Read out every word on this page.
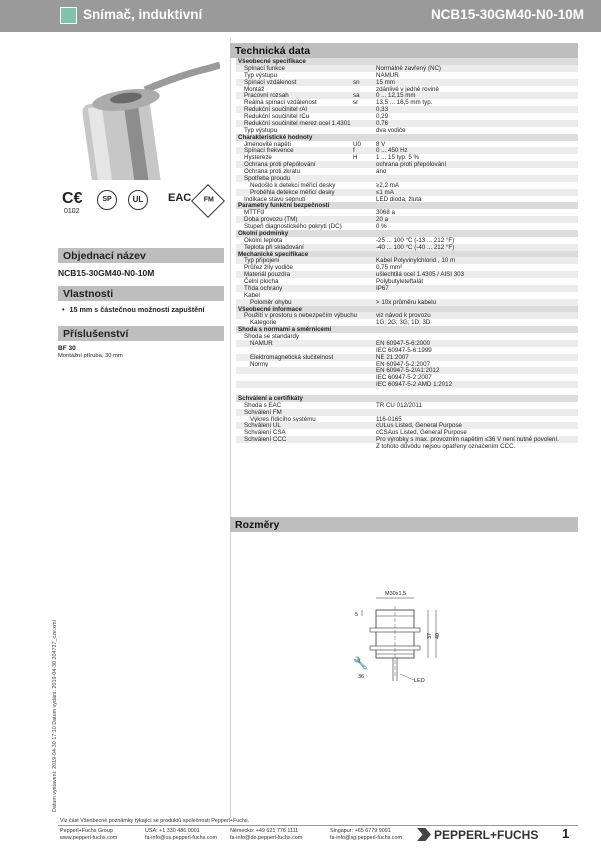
Snímač, induktivní	NCB15-30GM40-N0-10M
C€
0102
SP	UL	EAC	FM
Objednací název
NCB15-30GM40-N0-10M
Vlastnosti
• 15 mm s částečnou možností zapuštění
Příslušenství
BF 30
Montážní příruba, 30 mm
Technická data
Všeobecné specifikace
Spínací funkce	Normálně zavřený (NC)
Typ výstupu	NAMUR
Spínací vzdálenost	sn	15 mm
Montáž	zdánlivé v jedné rovině
Pracovní rozsah	sa	0 ... 12,15 mm
Reálná spínací vzdálenost	sr	13,5 ... 16,5 mm typ.
Redukční součinitel rAl	0,33
Redukční součinitel rCu	0,29
Redukční součinitel rnerez ocel 1.4301	0,76
Typ výstupu	dva vodiče
Charakteristické hodnoty
Jmenovité napětí	U0 8 V
Spínací frekvence	f	0 ... 450 Hz
Hystereze	H	1 ... 15 typ. 5 %
Ochrana proti přepólování	ochrana proti přepólování
Ochrana proti zkratu	ano
Spotřeba proudu
Nedošlo k detekci měřicí desky	≥2,2 mA
Proběhla detekce měřicí desky	≤1 mA
Indikace stavu sepnutí	LED dioda, žlutá
Parametry funkční bezpečnosti
MTTFd	3068 a
Doba provozu (TM)	20 a
Stupeň diagnostického pokrytí (DC)	0 %
Okolní podmínky
Okolní teplota	-25 ... 100 °C (-13 ... 212 °F)
Teplota při skladování	-40 ... 100 °C (-40 ... 212 °F)
Mechanické specifikace
Typ připojení	Kabel Polyvinylchlorid , 10 m
Průřez žíly vodiče	0,75 mm²
Materiál pouzdra	ušlechtilá ocel 1.4305 / AISI 303
Čelní plocha	Polybutyleteftalát
Třída ochrany	IP67
Kabel
Poloměr ohybu	> 10x průměru kabelu
Všeobecné informace
Použití v prostoru s nebezpečím výbuchu	viz návod k provozu
Kategorie	1G; 2G; 3G; 1D; 3D
Shoda s normami a směrnicemi
Shoda se standardy
NAMUR	EN 60947-5-6:2000
IEC 60947-5-6:1999
Elektromagnetická slučitelnost	NE 21:2007
Normy	EN 60947-5-2:2007
EN 60947-5-2/A1:2012
IEC 60947-5-2:2007
IEC 60947-5-2 AMD 1:2012
Schválení a certifikáty
Shoda s EAC	TR CU 012/2011
Schválení FM
Výkres řídicího systému	116-0165
Schválení UL	cULus Listed, General Purpose
Schválení CSA	cCSAus Listed, General Purpose
Schválení CCC	Pro výrobky s max. provozním napětím ≤36 V není nutné povolení.
Z tohoto důvodu nejsou opatřeny označením CCC.
Rozměry
M30x1,5
37 40
5
36
LED
🔧
Datum vystavení: 2019-04-30 17:10 Datum vydání: 2019-04-30 204727_cze.xml
Viz část Všeobecné poznámky týkající se produktů společnosti Pepperl+Fuchs.
Pepperl+Fuchs Group
www.pepperl-fuchs.com
USA: +1 330 486 0001
fa-info@us.pepperl-fuchs.com
Německo: +49 621 776 1111
fa-info@de.pepperl-fuchs.com
Singapur: +65 6779 9091
fa-info@sg.pepperl-fuchs.com	PEPPERL+FUCHS 1
